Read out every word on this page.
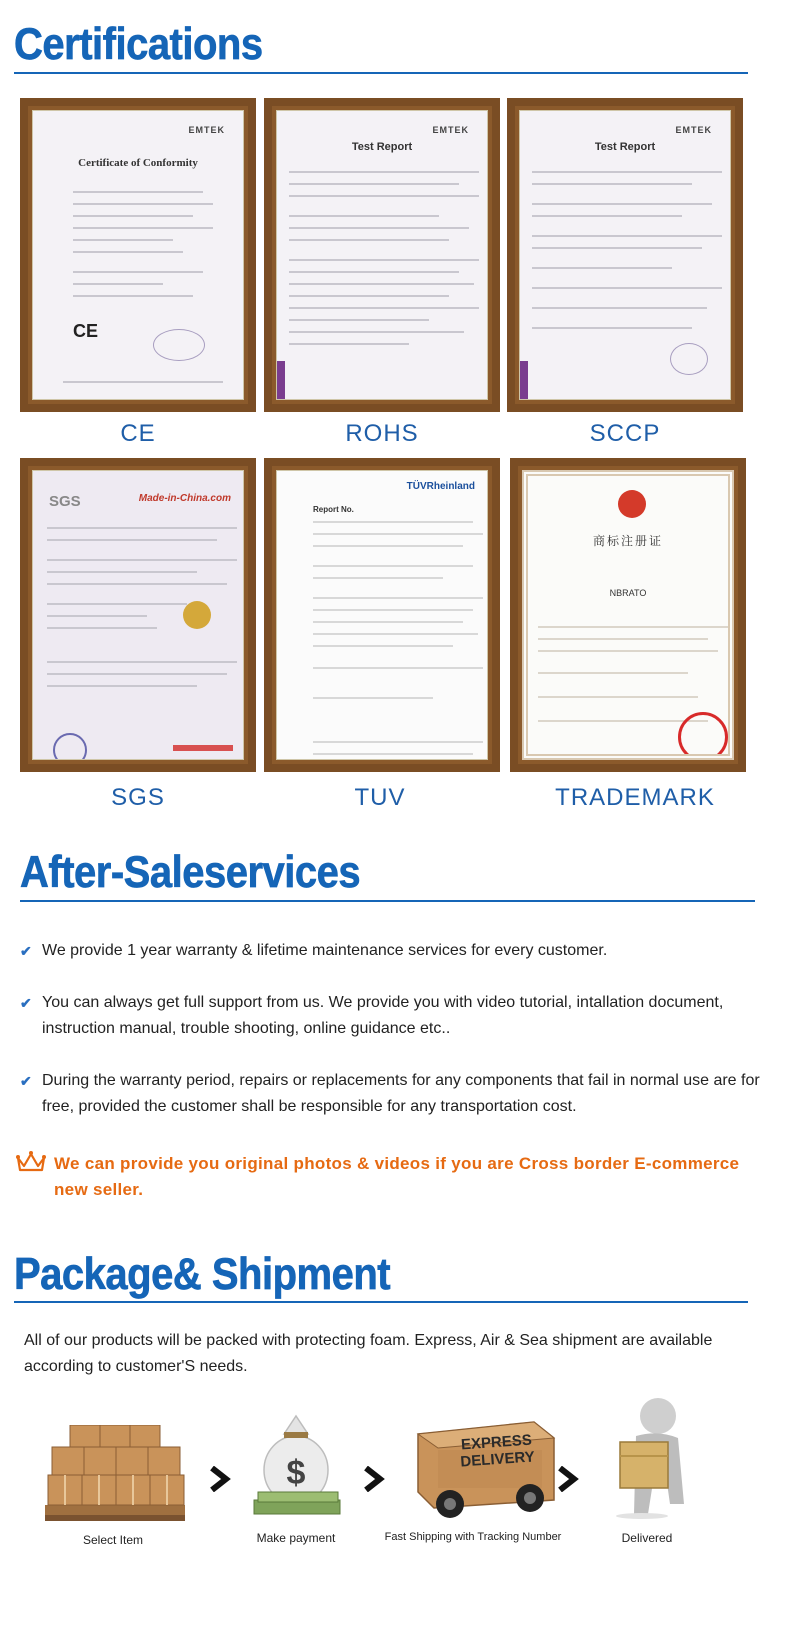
Certifications
EMTEK
Certificate of Conformity
CE
EMTEK
Test Report
EMTEK
Test Report
CE	ROHS	SCCP
SGS	Made-in-China.com
TÜVRheinland
Report No.
商标注册证
NBRATO
SGS	TUV	TRADEMARK
After-Saleservices
✔ We provide 1 year warranty & lifetime maintenance services for every customer.
✔ You can always get full support from us. We provide you with video tutorial, intallation document, instruction manual, trouble shooting, online guidance etc..
✔ During the warranty period, repairs or replacements for any components that fail in normal use are for free, provided the customer shall be responsible for any transportation cost.
We can provide you original photos & videos if you are Cross border E-commerce new seller.
Package& Shipment
All of our products will be packed with protecting foam. Express, Air & Sea shipment are available according to customer'S needs.
Select Item
$
Make payment
EXPRESS DELIVERY
Fast Shipping with Tracking Number	Delivered
